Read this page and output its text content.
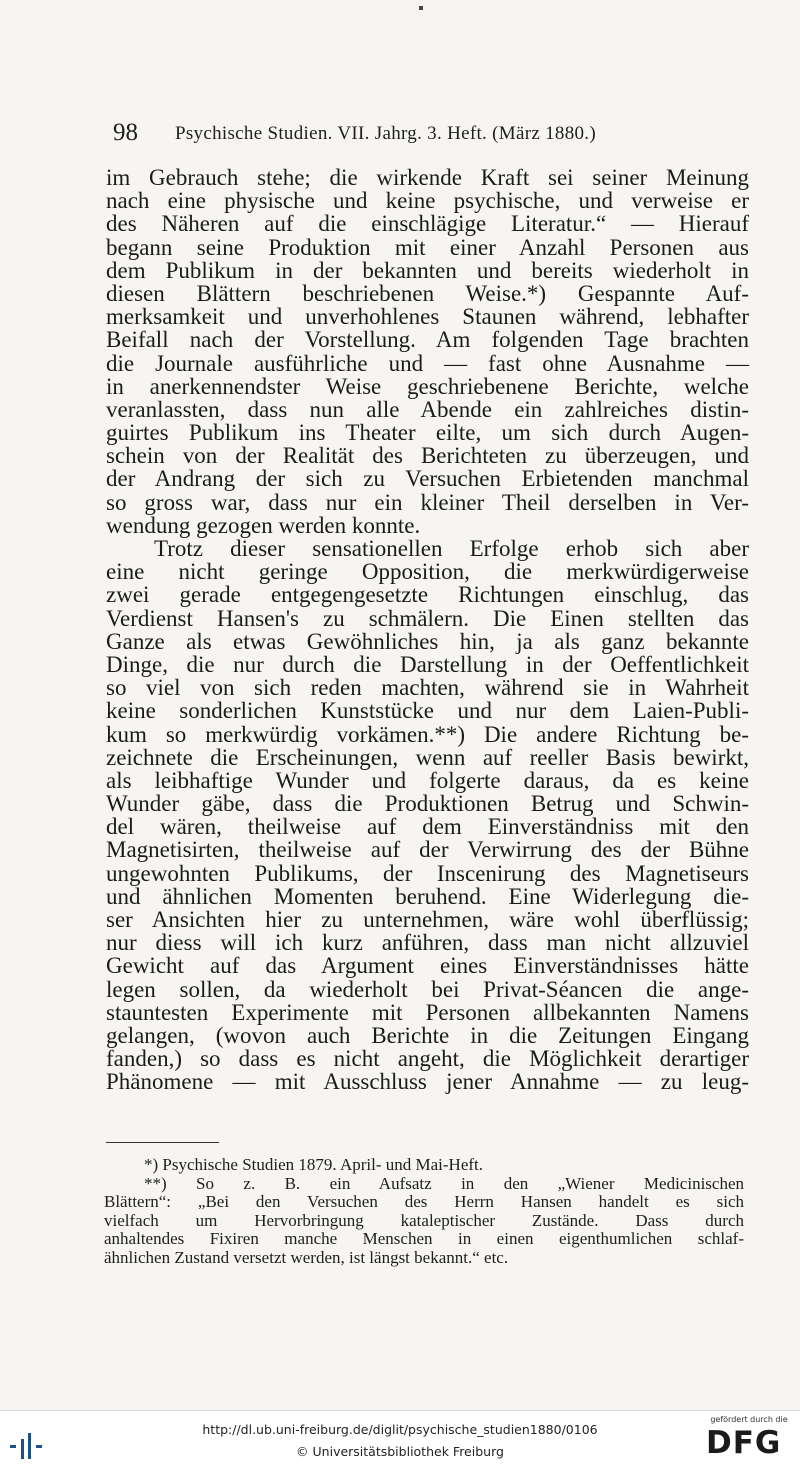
98 Psychische Studien. VII. Jahrg. 3. Heft. (März 1880.)
im Gebrauch stehe; die wirkende Kraft sei seiner Meinung
nach eine physische und keine psychische, und verweise er
des Näheren auf die einschlägige Literatur.“ — Hierauf
begann seine Produktion mit einer Anzahl Personen aus
dem Publikum in der bekannten und bereits wiederholt in
diesen Blättern beschriebenen Weise.*) Gespannte Auf-
merksamkeit und unverhohlenes Staunen während, lebhafter
Beifall nach der Vorstellung. Am folgenden Tage brachten
die Journale ausführliche und — fast ohne Ausnahme —
in anerkennendster Weise geschriebenene Berichte, welche
veranlassten, dass nun alle Abende ein zahlreiches distin-
guirtes Publikum ins Theater eilte, um sich durch Augen-
schein von der Realität des Berichteten zu überzeugen, und
der Andrang der sich zu Versuchen Erbietenden manchmal
so gross war, dass nur ein kleiner Theil derselben in Ver-
wendung gezogen werden konnte.
Trotz dieser sensationellen Erfolge erhob sich aber
eine nicht geringe Opposition, die merkwürdigerweise
zwei gerade entgegengesetzte Richtungen einschlug, das
Verdienst Hansen's zu schmälern. Die Einen stellten das
Ganze als etwas Gewöhnliches hin, ja als ganz bekannte
Dinge, die nur durch die Darstellung in der Oeffentlichkeit
so viel von sich reden machten, während sie in Wahrheit
keine sonderlichen Kunststücke und nur dem Laien-Publi-
kum so merkwürdig vorkämen.**) Die andere Richtung be-
zeichnete die Erscheinungen, wenn auf reeller Basis bewirkt,
als leibhaftige Wunder und folgerte daraus, da es keine
Wunder gäbe, dass die Produktionen Betrug und Schwin-
del wären, theilweise auf dem Einverständniss mit den
Magnetisirten, theilweise auf der Verwirrung des der Bühne
ungewohnten Publikums, der Inscenirung des Magnetiseurs
und ähnlichen Momenten beruhend. Eine Widerlegung die-
ser Ansichten hier zu unternehmen, wäre wohl überflüssig;
nur diess will ich kurz anführen, dass man nicht allzuviel
Gewicht auf das Argument eines Einverständnisses hätte
legen sollen, da wiederholt bei Privat-Séancen die ange-
stauntesten Experimente mit Personen allbekannten Namens
gelangen, (wovon auch Berichte in die Zeitungen Eingang
fanden,) so dass es nicht angeht, die Möglichkeit derartiger
Phänomene — mit Ausschluss jener Annahme — zu leug-
*) Psychische Studien 1879. April- und Mai-Heft.
**) So z. B. ein Aufsatz in den „Wiener Medicinischen
Blättern“: „Bei den Versuchen des Herrn Hansen handelt es sich
vielfach um Hervorbringung kataleptischer Zustände. Dass durch
anhaltendes Fixiren manche Menschen in einen eigenthumlichen schlaf-
ähnlichen Zustand versetzt werden, ist längst bekannt.“ etc.
http://dl.ub.uni-freiburg.de/diglit/psychische_studien1880/0106
© Universitätsbibliothek Freiburg
gefördert durch die
DFG
